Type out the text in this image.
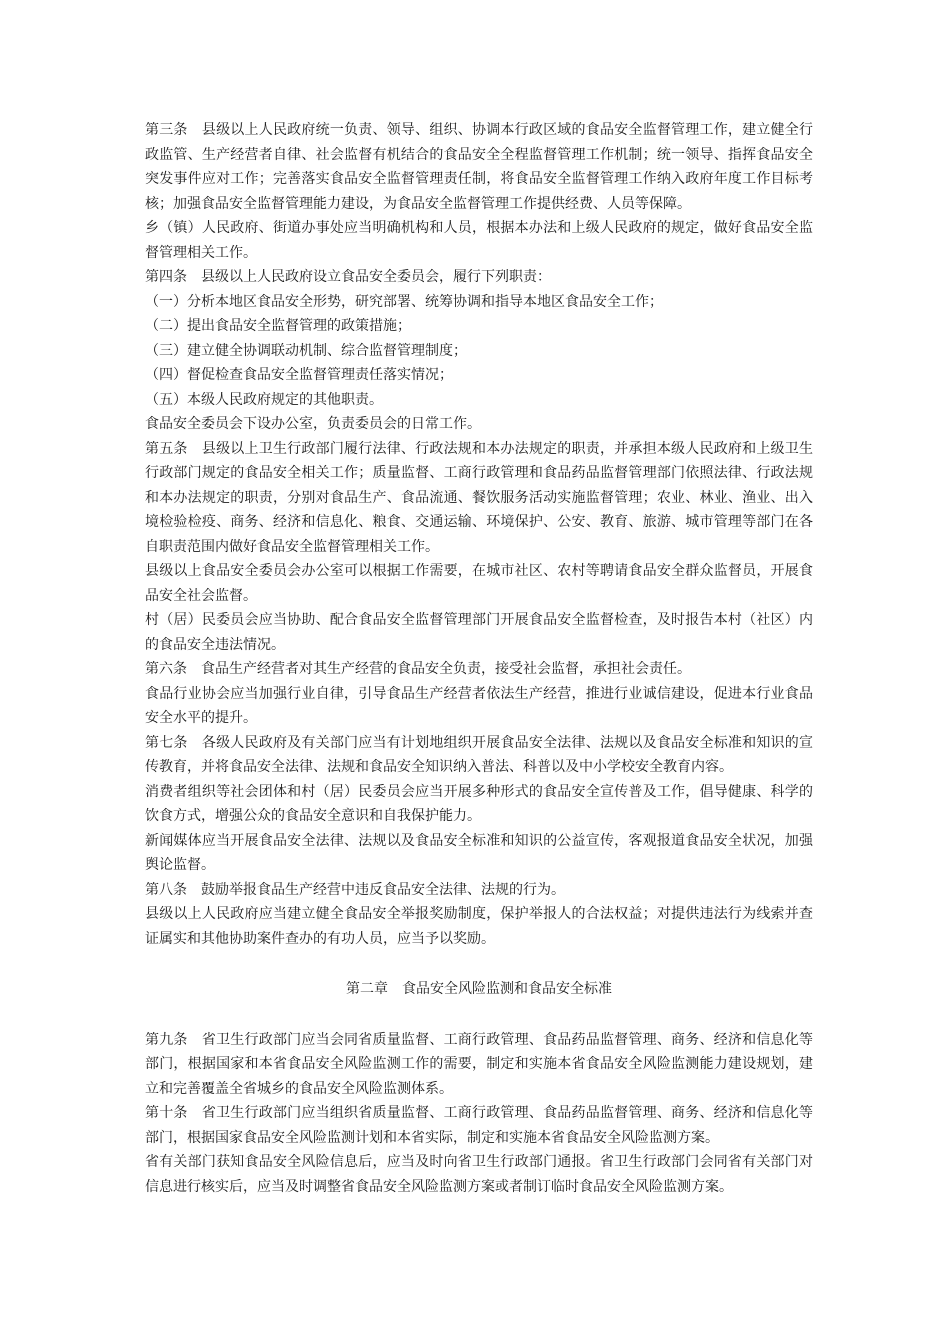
第三条　县级以上人民政府统一负责、领导、组织、协调本行政区域的食品安全监督管理工作，建立健全行政监管、生产经营者自律、社会监督有机结合的食品安全全程监督管理工作机制；统一领导、指挥食品安全突发事件应对工作；完善落实食品安全监督管理责任制，将食品安全监督管理工作纳入政府年度工作目标考核；加强食品安全监督管理能力建设，为食品安全监督管理工作提供经费、人员等保障。

乡（镇）人民政府、街道办事处应当明确机构和人员，根据本办法和上级人民政府的规定，做好食品安全监督管理相关工作。

第四条　县级以上人民政府设立食品安全委员会，履行下列职责：

（一）分析本地区食品安全形势，研究部署、统筹协调和指导本地区食品安全工作；

（二）提出食品安全监督管理的政策措施；

（三）建立健全协调联动机制、综合监督管理制度；

（四）督促检查食品安全监督管理责任落实情况；

（五）本级人民政府规定的其他职责。

食品安全委员会下设办公室，负责委员会的日常工作。

第五条　县级以上卫生行政部门履行法律、行政法规和本办法规定的职责，并承担本级人民政府和上级卫生行政部门规定的食品安全相关工作；质量监督、工商行政管理和食品药品监督管理部门依照法律、行政法规和本办法规定的职责，分别对食品生产、食品流通、餐饮服务活动实施监督管理；农业、林业、渔业、出入境检验检疫、商务、经济和信息化、粮食、交通运输、环境保护、公安、教育、旅游、城市管理等部门在各自职责范围内做好食品安全监督管理相关工作。

县级以上食品安全委员会办公室可以根据工作需要，在城市社区、农村等聘请食品安全群众监督员，开展食品安全社会监督。

村（居）民委员会应当协助、配合食品安全监督管理部门开展食品安全监督检查，及时报告本村（社区）内的食品安全违法情况。

第六条　食品生产经营者对其生产经营的食品安全负责，接受社会监督，承担社会责任。

食品行业协会应当加强行业自律，引导食品生产经营者依法生产经营，推进行业诚信建设，促进本行业食品安全水平的提升。

第七条　各级人民政府及有关部门应当有计划地组织开展食品安全法律、法规以及食品安全标准和知识的宣传教育，并将食品安全法律、法规和食品安全知识纳入普法、科普以及中小学校安全教育内容。

消费者组织等社会团体和村（居）民委员会应当开展多种形式的食品安全宣传普及工作，倡导健康、科学的饮食方式，增强公众的食品安全意识和自我保护能力。

新闻媒体应当开展食品安全法律、法规以及食品安全标准和知识的公益宣传，客观报道食品安全状况，加强舆论监督。

第八条　鼓励举报食品生产经营中违反食品安全法律、法规的行为。

县级以上人民政府应当建立健全食品安全举报奖励制度，保护举报人的合法权益；对提供违法行为线索并查证属实和其他协助案件查办的有功人员，应当予以奖励。

第二章　食品安全风险监测和食品安全标准

第九条　省卫生行政部门应当会同省质量监督、工商行政管理、食品药品监督管理、商务、经济和信息化等部门，根据国家和本省食品安全风险监测工作的需要，制定和实施本省食品安全风险监测能力建设规划，建立和完善覆盖全省城乡的食品安全风险监测体系。

第十条　省卫生行政部门应当组织省质量监督、工商行政管理、食品药品监督管理、商务、经济和信息化等部门，根据国家食品安全风险监测计划和本省实际，制定和实施本省食品安全风险监测方案。

省有关部门获知食品安全风险信息后，应当及时向省卫生行政部门通报。省卫生行政部门会同省有关部门对信息进行核实后，应当及时调整省食品安全风险监测方案或者制订临时食品安全风险监测方案。
